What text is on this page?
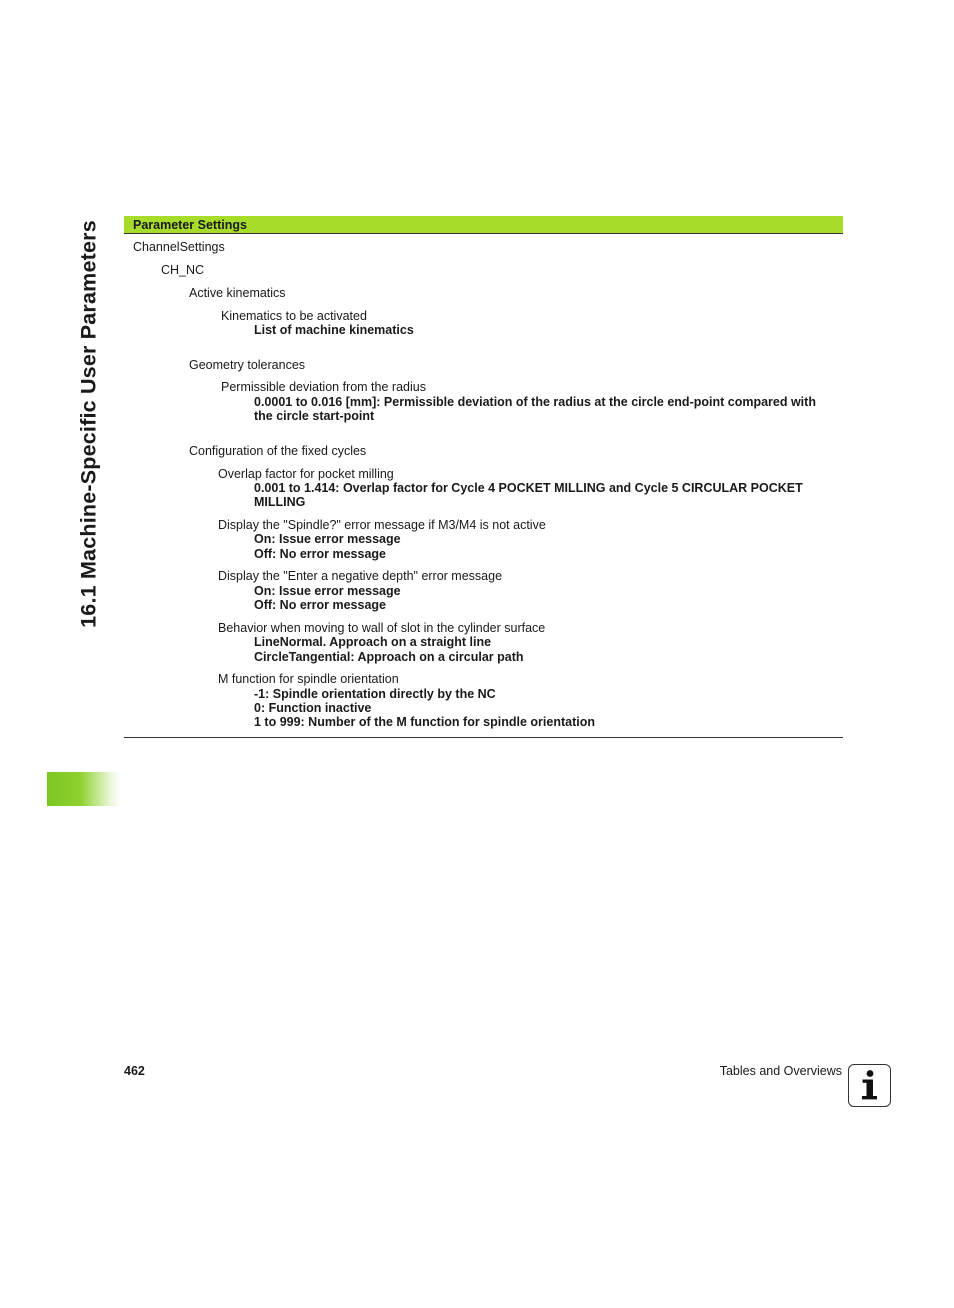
16.1 Machine-Specific User Parameters	Parameter Settings
ChannelSettings
CH_NC
Active kinematics
Kinematics to be activated
List of machine kinematics
Geometry tolerances
Permissible deviation from the radius
0.0001 to 0.016 [mm]: Permissible deviation of the radius at the circle end-point compared with
the circle start-point
Configuration of the fixed cycles
Overlap factor for pocket milling
0.001 to 1.414: Overlap factor for Cycle 4 POCKET MILLING and Cycle 5 CIRCULAR POCKET
MILLING
Display the "Spindle?" error message if M3/M4 is not active
On: Issue error message
Off: No error message
Display the "Enter a negative depth" error message
On: Issue error message
Off: No error message
Behavior when moving to wall of slot in the cylinder surface
LineNormal. Approach on a straight line
CircleTangential: Approach on a circular path
M function for spindle orientation
-1: Spindle orientation directly by the NC
0: Function inactive
1 to 999: Number of the M function for spindle orientation
462	Tables and Overviews
